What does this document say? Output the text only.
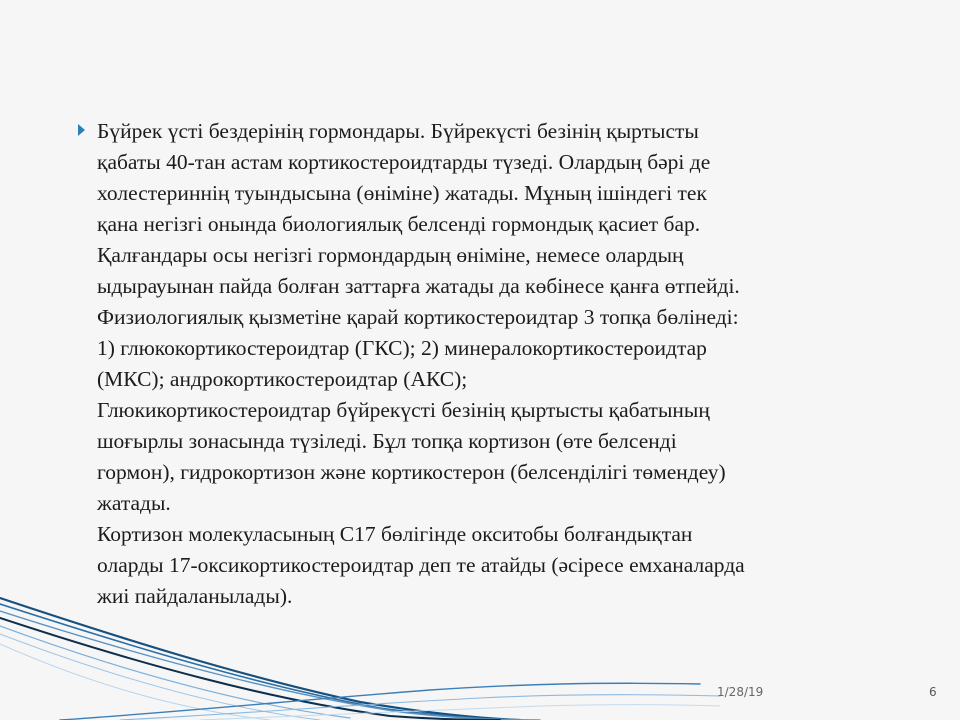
Бүйрек үсті бездерінің гормондары. Бүйрекүсті безінің қыртысты

қабаты 40-тан астам кортикостероидтарды түзеді. Олардың бәрі де

холестериннің туындысына (өніміне) жатады. Мұның ішіндегі тек

қана негізгі онында биологиялық белсенді гормондық қасиет бар.

Қалғандары осы негізгі гормондардың өніміне, немесе олардың

ыдырауынан пайда болған заттарға жатады да көбінесе қанға өтпейді.

Физиологиялық қызметіне қарай кортикостероидтар 3 топқа бөлінеді:

1) глюкокортикостероидтар (ГКС); 2) минералокортикостероидтар

(МКС); андрокортикостероидтар (АКС);

Глюкикортикостероидтар бүйрекүсті безінің қыртысты қабатының

шоғырлы зонасында түзіледі. Бұл топқа кортизон (өте белсенді

гормон), гидрокортизон және кортикостерон (белсенділігі төмендеу)

жатады.

Кортизон молекуласының С17 бөлігінде окситобы болғандықтан

оларды 17-оксикортикостероидтар деп те атайды (әсіресе емханаларда

жиі пайдаланылады).

1/28/19	6
